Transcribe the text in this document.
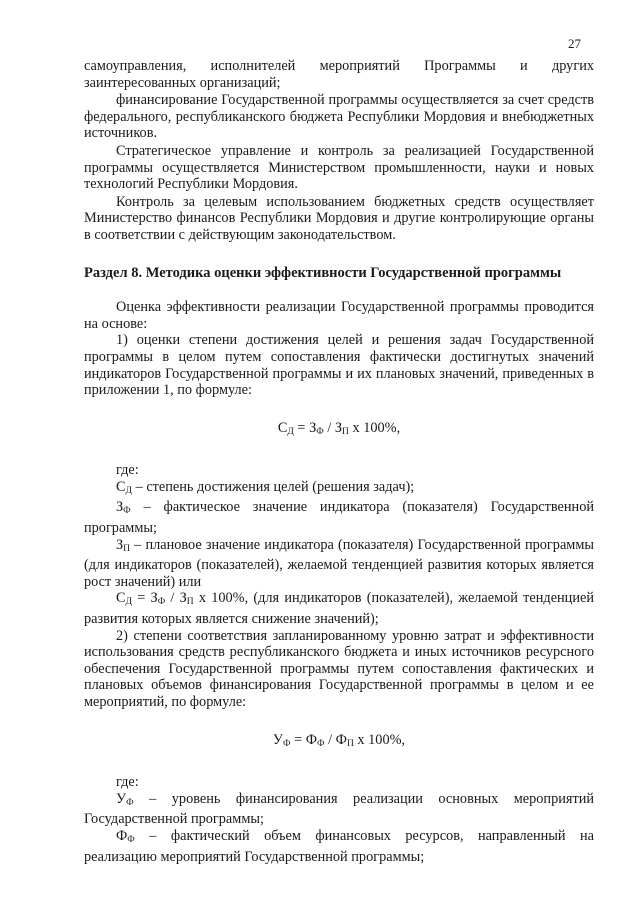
27

самоуправления, исполнителей мероприятий Программы и других заинтересованных организаций;

финансирование Государственной программы осуществляется за счет средств федерального, республиканского бюджета Республики Мордовия и внебюджетных источников.

Стратегическое управление и контроль за реализацией Государственной программы осуществляется Министерством промышленности, науки и новых технологий Республики Мордовия.

Контроль за целевым использованием бюджетных средств осуществляет Министерство финансов Республики Мордовия и другие контролирующие органы в соответствии с действующим законодательством.

Раздел 8. Методика оценки эффективности Государственной программы

Оценка эффективности реализации Государственной программы проводится на основе:

1) оценки степени достижения целей и решения задач Государственной программы в целом путем сопоставления фактически достигнутых значений индикаторов Государственной программы и их плановых значений, приведенных в приложении 1, по формуле:

$С_Д = З_Ф / З_П$ х 100%,

где:

$С_Д$ – степень достижения целей (решения задач);

$З_Ф$ – фактическое значение индикатора (показателя) Государственной программы;

$З_П$ – плановое значение индикатора (показателя) Государственной программы (для индикаторов (показателей), желаемой тенденцией развития которых является рост значений) или

$С_Д = З_Ф / З_П$ х 100%, (для индикаторов (показателей), желаемой тенденцией развития которых является снижение значений);

2) степени соответствия запланированному уровню затрат и эффективности использования средств республиканского бюджета и иных источников ресурсного обеспечения Государственной программы путем сопоставления фактических и плановых объемов финансирования Государственной программы в целом и ее мероприятий, по формуле:

$У_Ф = Ф_Ф / Ф_П$ х 100%,

где:

$У_Ф$ – уровень финансирования реализации основных мероприятий Государственной программы;

$Ф_Ф$ – фактический объем финансовых ресурсов, направленный на реализацию мероприятий Государственной программы;
